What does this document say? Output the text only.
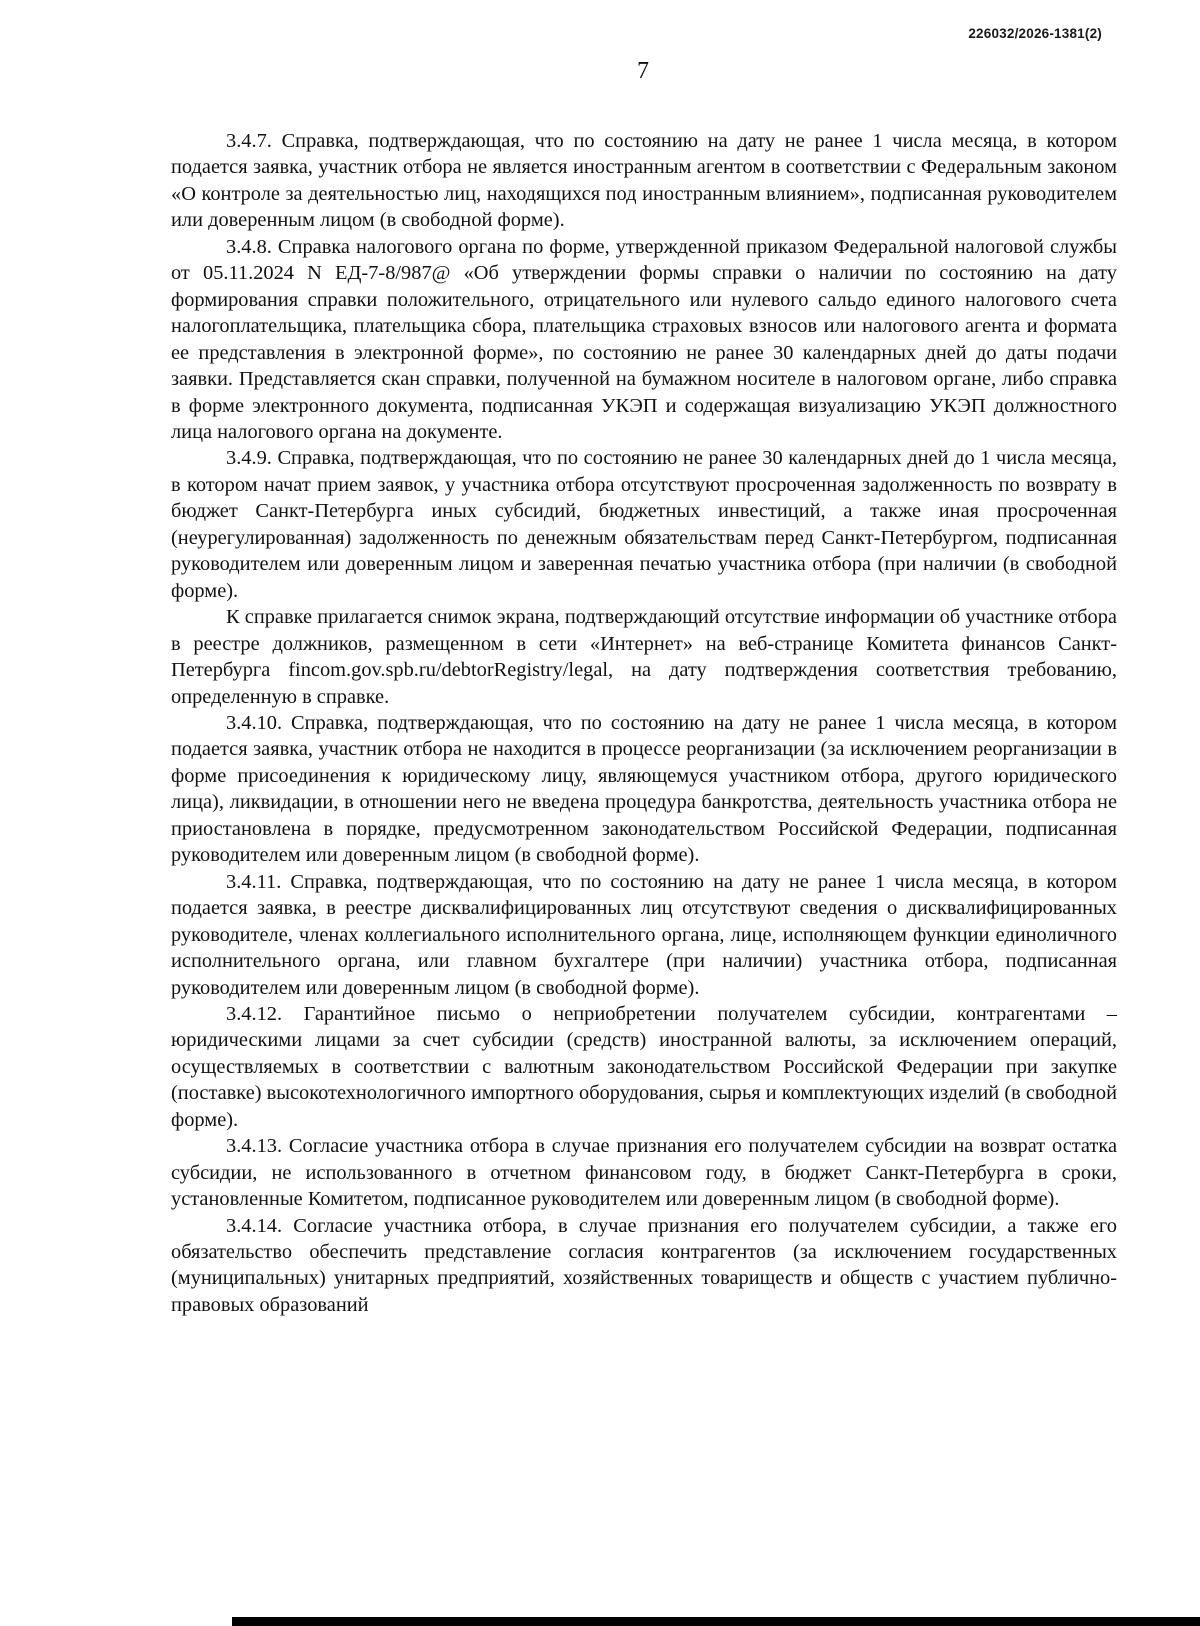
226032/2026-1381(2)
7

3.4.7. Справка, подтверждающая, что по состоянию на дату не ранее 1 числа месяца, в котором подается заявка, участник отбора не является иностранным агентом в соответствии с Федеральным законом «О контроле за деятельностью лиц, находящихся под иностранным влиянием», подписанная руководителем или доверенным лицом (в свободной форме).

3.4.8. Справка налогового органа по форме, утвержденной приказом Федеральной налоговой службы от 05.11.2024 N ЕД-7-8/987@ «Об утверждении формы справки о наличии по состоянию на дату формирования справки положительного, отрицательного или нулевого сальдо единого налогового счета налогоплательщика, плательщика сбора, плательщика страховых взносов или налогового агента и формата ее представления в электронной форме», по состоянию не ранее 30 календарных дней до даты подачи заявки. Представляется скан справки, полученной на бумажном носителе в налоговом органе, либо справка в форме электронного документа, подписанная УКЭП и содержащая визуализацию УКЭП должностного лица налогового органа на документе.

3.4.9. Справка, подтверждающая, что по состоянию не ранее 30 календарных дней до 1 числа месяца, в котором начат прием заявок, у участника отбора отсутствуют просроченная задолженность по возврату в бюджет Санкт-Петербурга иных субсидий, бюджетных инвестиций, а также иная просроченная (неурегулированная) задолженность по денежным обязательствам перед Санкт-Петербургом, подписанная руководителем или доверенным лицом и заверенная печатью участника отбора (при наличии (в свободной форме).

К справке прилагается снимок экрана, подтверждающий отсутствие информации об участнике отбора в реестре должников, размещенном в сети «Интернет» на веб-странице Комитета финансов Санкт-Петербурга fincom.gov.spb.ru/debtorRegistry/legal, на дату подтверждения соответствия требованию, определенную в справке.

3.4.10. Справка, подтверждающая, что по состоянию на дату не ранее 1 числа месяца, в котором подается заявка, участник отбора не находится в процессе реорганизации (за исключением реорганизации в форме присоединения к юридическому лицу, являющемуся участником отбора, другого юридического лица), ликвидации, в отношении него не введена процедура банкротства, деятельность участника отбора не приостановлена в порядке, предусмотренном законодательством Российской Федерации, подписанная руководителем или доверенным лицом (в свободной форме).

3.4.11. Справка, подтверждающая, что по состоянию на дату не ранее 1 числа месяца, в котором подается заявка, в реестре дисквалифицированных лиц отсутствуют сведения о дисквалифицированных руководителе, членах коллегиального исполнительного органа, лице, исполняющем функции единоличного исполнительного органа, или главном бухгалтере (при наличии) участника отбора, подписанная руководителем или доверенным лицом (в свободной форме).

3.4.12. Гарантийное письмо о неприобретении получателем субсидии, контрагентами – юридическими лицами за счет субсидии (средств) иностранной валюты, за исключением операций, осуществляемых в соответствии с валютным законодательством Российской Федерации при закупке (поставке) высокотехнологичного импортного оборудования, сырья и комплектующих изделий (в свободной форме).

3.4.13. Согласие участника отбора в случае признания его получателем субсидии на возврат остатка субсидии, не использованного в отчетном финансовом году, в бюджет Санкт-Петербурга в сроки, установленные Комитетом, подписанное руководителем или доверенным лицом (в свободной форме).

3.4.14. Согласие участника отбора, в случае признания его получателем субсидии, а также его обязательство обеспечить представление согласия контрагентов (за исключением государственных (муниципальных) унитарных предприятий, хозяйственных товариществ и обществ с участием публично-правовых образований
